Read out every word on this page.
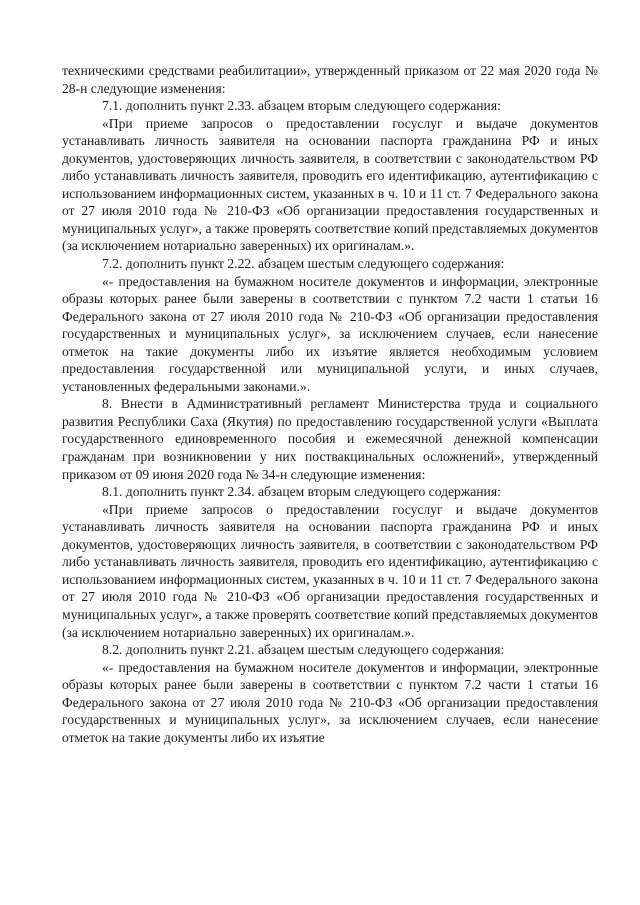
техническими средствами реабилитации», утвержденный приказом от 22 мая 2020 года № 28-н следующие изменения:

7.1. дополнить пункт 2.33. абзацем вторым следующего содержания:

«При приеме запросов о предоставлении госуслуг и выдаче документов устанавливать личность заявителя на основании паспорта гражданина РФ и иных документов, удостоверяющих личность заявителя, в соответствии с законодательством РФ либо устанавливать личность заявителя, проводить его идентификацию, аутентификацию с использованием информационных систем, указанных в ч. 10 и 11 ст. 7 Федерального закона от 27 июля 2010 года № 210-ФЗ «Об организации предоставления государственных и муниципальных услуг», а также проверять соответствие копий представляемых документов (за исключением нотариально заверенных) их оригиналам.».

7.2. дополнить пункт 2.22. абзацем шестым следующего содержания:

«- предоставления на бумажном носителе документов и информации, электронные образы которых ранее были заверены в соответствии с пунктом 7.2 части 1 статьи 16 Федерального закона от 27 июля 2010 года № 210-ФЗ «Об организации предоставления государственных и муниципальных услуг», за исключением случаев, если нанесение отметок на такие документы либо их изъятие является необходимым условием предоставления государственной или муниципальной услуги, и иных случаев, установленных федеральными законами.».

8. Внести в Административный регламент Министерства труда и социального развития Республики Саха (Якутия) по предоставлению государственной услуги «Выплата государственного единовременного пособия и ежемесячной денежной компенсации гражданам при возникновении у них поствакцинальных осложнений», утвержденный приказом от 09 июня 2020 года № 34-н следующие изменения:

8.1. дополнить пункт 2.34. абзацем вторым следующего содержания:

«При приеме запросов о предоставлении госуслуг и выдаче документов устанавливать личность заявителя на основании паспорта гражданина РФ и иных документов, удостоверяющих личность заявителя, в соответствии с законодательством РФ либо устанавливать личность заявителя, проводить его идентификацию, аутентификацию с использованием информационных систем, указанных в ч. 10 и 11 ст. 7 Федерального закона от 27 июля 2010 года № 210-ФЗ «Об организации предоставления государственных и муниципальных услуг», а также проверять соответствие копий представляемых документов (за исключением нотариально заверенных) их оригиналам.».

8.2. дополнить пункт 2.21. абзацем шестым следующего содержания:

«- предоставления на бумажном носителе документов и информации, электронные образы которых ранее были заверены в соответствии с пунктом 7.2 части 1 статьи 16 Федерального закона от 27 июля 2010 года № 210-ФЗ «Об организации предоставления государственных и муниципальных услуг», за исключением случаев, если нанесение отметок на такие документы либо их изъятие
